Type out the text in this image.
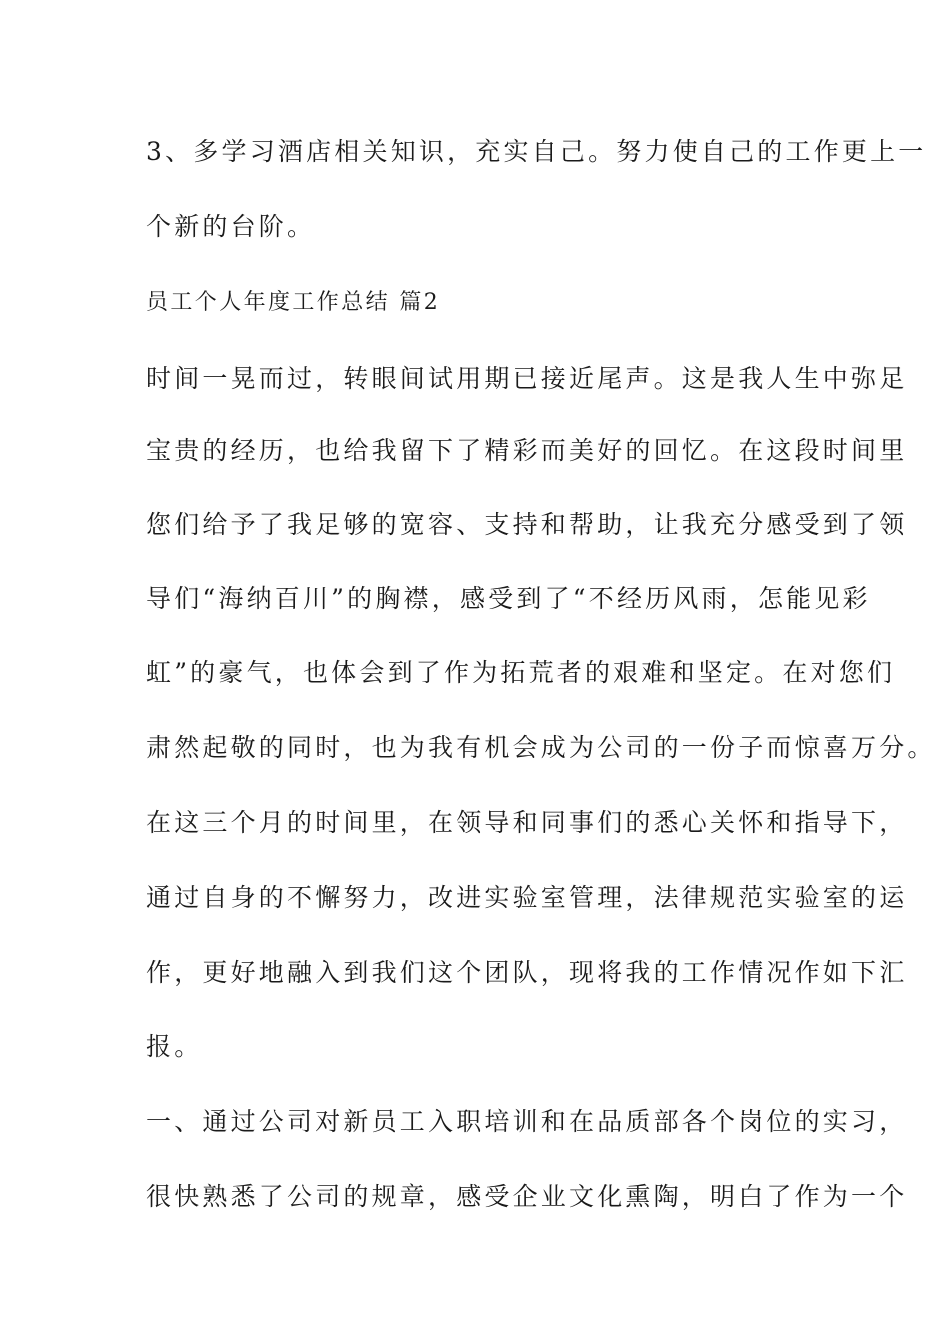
3、多学习酒店相关知识，充实自己。努力使自己的工作更上一
个新的台阶。
员工个人年度工作总结 篇2
时间一晃而过，转眼间试用期已接近尾声。这是我人生中弥足
宝贵的经历，也给我留下了精彩而美好的回忆。在这段时间里
您们给予了我足够的宽容、支持和帮助，让我充分感受到了领
导们“海纳百川”的胸襟，感受到了“不经历风雨，怎能见彩
虹”的豪气，也体会到了作为拓荒者的艰难和坚定。在对您们
肃然起敬的同时，也为我有机会成为公司的一份子而惊喜万分。
在这三个月的时间里，在领导和同事们的悉心关怀和指导下，
通过自身的不懈努力，改进实验室管理，法律规范实验室的运
作，更好地融入到我们这个团队，现将我的工作情况作如下汇
报。
一、通过公司对新员工入职培训和在品质部各个岗位的实习，
很快熟悉了公司的规章，感受企业文化熏陶，明白了作为一个
